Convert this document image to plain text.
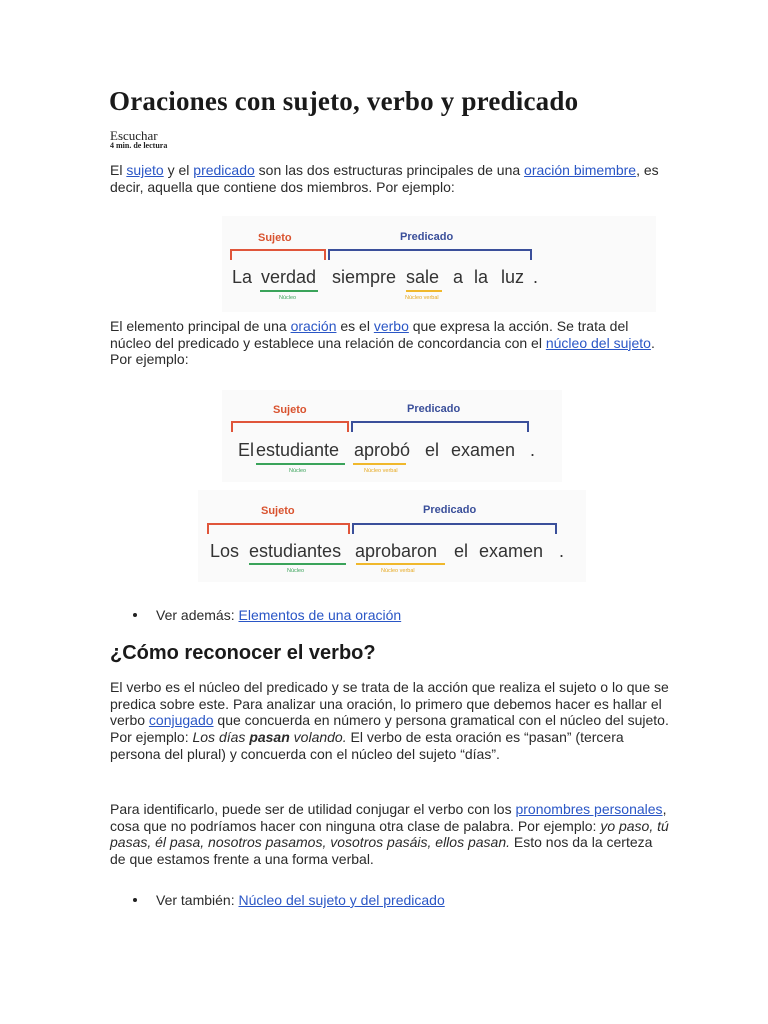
Oraciones con sujeto, verbo y predicado
Escuchar
4 min. de lectura

El sujeto y el predicado son las dos estructuras principales de una oración bimembre, es decir, aquella que contiene dos miembros. Por ejemplo:

Sujeto	Predicado
La verdad siempre sale a la luz .
Núcleo	Núcleo verbal

El elemento principal de una oración es el verbo que expresa la acción. Se trata del núcleo del predicado y establece una relación de concordancia con el núcleo del sujeto. Por ejemplo:

Sujeto	Predicado
El estudiante aprobó el examen .
Núcleo	Núcleo verbal
Sujeto	Predicado
Los estudiantes aprobaron el examen .
Núcleo	Núcleo verbal
Ver además: Elementos de una oración
¿Cómo reconocer el verbo?

El verbo es el núcleo del predicado y se trata de la acción que realiza el sujeto o lo que se predica sobre este. Para analizar una oración, lo primero que debemos hacer es hallar el verbo conjugado que concuerda en número y persona gramatical con el núcleo del sujeto. Por ejemplo: Los días pasan volando. El verbo de esta oración es “pasan” (tercera persona del plural) y concuerda con el núcleo del sujeto “días”.

Para identificarlo, puede ser de utilidad conjugar el verbo con los pronombres personales, cosa que no podríamos hacer con ninguna otra clase de palabra. Por ejemplo: yo paso, tú pasas, él pasa, nosotros pasamos, vosotros pasáis, ellos pasan. Esto nos da la certeza de que estamos frente a una forma verbal.

Ver también: Núcleo del sujeto y del predicado
